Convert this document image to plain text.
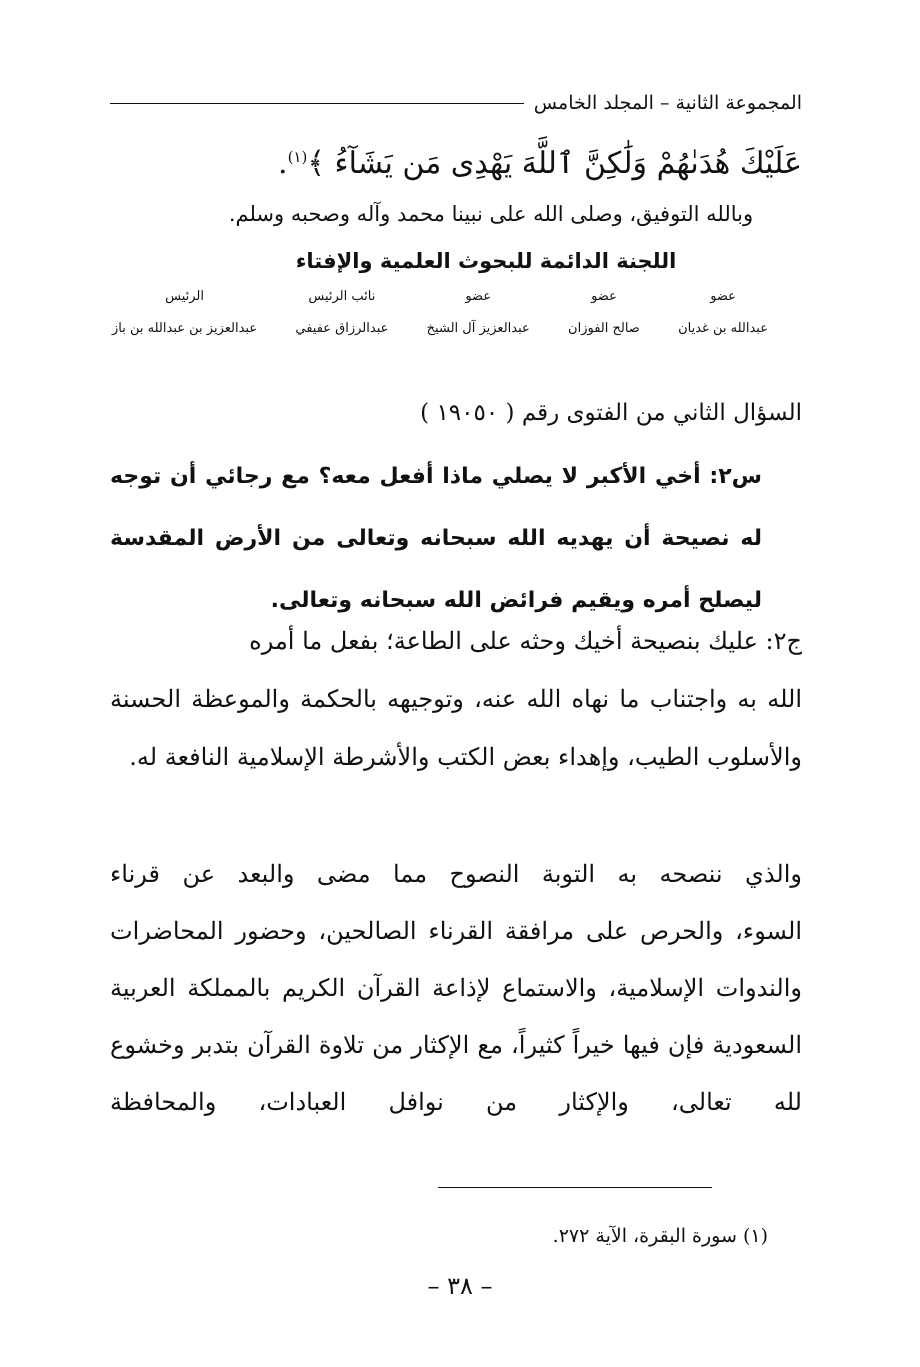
المجموعة الثانية – المجلد الخامس
عَلَيْكَ هُدَىٰهُمْ وَلَٰكِنَّ ٱللَّهَ يَهْدِى مَن يَشَآءُ ﴾$^{(١)}$.
وبالله التوفيق، وصلى الله على نبينا محمد وآله وصحبه وسلم.
اللجنة الدائمة للبحوث العلمية والإفتاء
عضو
عبدالله بن غديان
عضو
صالح الفوزان
عضو
عبدالعزيز آل الشيخ
نائب الرئيس
عبدالرزاق عفيفي
الرئيس
عبدالعزيز بن عبدالله بن باز
السؤال الثاني من الفتوى رقم ( ١٩٠٥٠ )
س٢: أخي الأكبر لا يصلي ماذا أفعل معه؟ مع رجائي أن توجه له نصيحة أن يهديه الله سبحانه وتعالى من الأرض المقدسة ليصلح أمره ويقيم فرائض الله سبحانه وتعالى.
ج٢: عليك بنصيحة أخيك وحثه على الطاعة؛ بفعل ما أمره
الله به واجتناب ما نهاه الله عنه، وتوجيهه بالحكمة والموعظة الحسنة والأسلوب الطيب، وإهداء بعض الكتب والأشرطة الإسلامية النافعة له.
والذي ننصحه به التوبة النصوح مما مضى والبعد عن قرناء
السوء، والحرص على مرافقة القرناء الصالحين، وحضور المحاضرات والندوات الإسلامية، والاستماع لإذاعة القرآن الكريم بالمملكة العربية السعودية فإن فيها خيراً كثيراً، مع الإكثار من تلاوة القرآن بتدبر وخشوع لله تعالى، والإكثار من نوافل العبادات، والمحافظة
(١) سورة البقرة، الآية ٢٧٢.
– ٣٨ –
